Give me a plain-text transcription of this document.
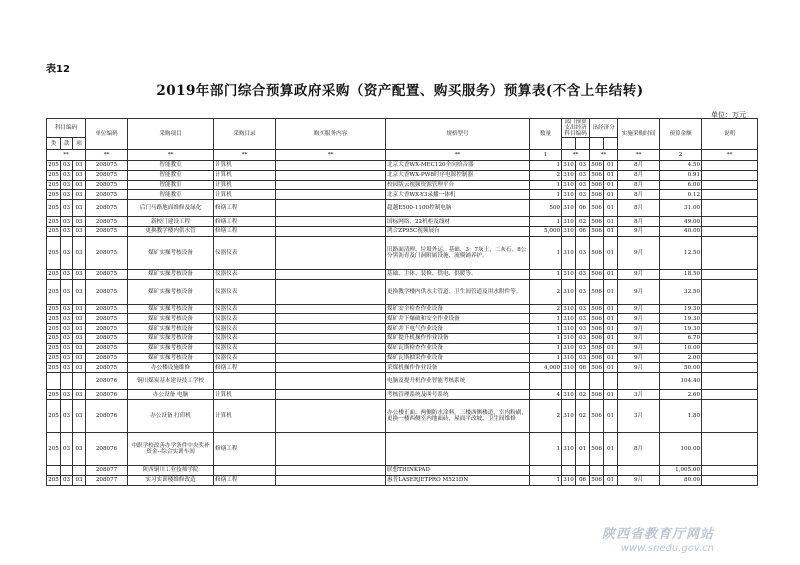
表12
2019年部门综合预算政府采购（资产配置、购买服务）预算表(不含上年结转)
单位：万元
科目编码			单位编码	采购项目	采购目录	购买服务内容	规格型号	数量	部门预算支出经济科目编码		出经济分		实施采购时间	预算金额	说明
类	款	项													
**			**	**	**	**	**	1	**		**		**	2	**
205	03	03	208075	智能教室	计算机		北京大香WX-MEC120全向拾音器	1	310	03	506	01	8月	4.50	
205	03	03	208075	智能教室	计算机		北京大香WX-PW8时序电源控制器	2	310	03	506	01	8月	0.91	
205	03	03	208075	智能教室	计算机		校园版云视频资源管理平台	1	310	03	506	01	8月	6.00	
205	03	03	208075	智能教室	计算机		北京大香WX-Y3录播一体机	1	310	03	506	01	8月	0.12	
205	03	03	208075	后门马路地面维修及绿化	修缮工程		超越E500-1100控制电脑	500	310	06	506	01	8月	31.00	
205	03	03	208075	新校门建设工程	修缮工程		国标网络、22机柜及线材	1	310	02	506	01	8月	49.00	
205	03	03	208075	更换教学楼内供水管	修缮工程		鸿合ZP95C视频展台	5,000	310	06	506	01	9月	40.00	
205	03	03	208075	煤矿实操考核设备	仪器仪表		旧路面清理、垃圾外运，基础、3：7灰土，二灰石、8公分黑沥青及门洞附属设施、流模铺养护。	1	310	03	506	01	9月	12.50	
205	03	03	208075	煤矿实操考核设备	仪器仪表		基础、主体、装修、供电、供暖等。	1	310	03	506	01	9月	18.50	
205	03	03	208075	煤矿实操考核设备	仪器仪表		更换教学楼内供水主管道、卫生间管道及用水附件等。	2	310	03	506	01	9月	32.50	
205	03	03	208075	煤矿实操考核设备	仪器仪表		煤矿安全检查作业设备	2	310	03	506	01	9月	19.30	
205	03	03	208075	煤矿实操考核设备	仪器仪表		煤矿井下爆破和安全作业设备	1	310	03	506	01	9月	19.30	
205	03	03	208075	煤矿实操考核设备	仪器仪表		煤矿井下电气作业设备	1	310	03	506	01	9月	19.30	
205	03	03	208075	煤矿实操考核设备	仪器仪表		煤矿提升机操作作业设备	1	310	03	506	01	9月	6.70	
205	03	03	208075	煤矿实操考核设备	仪器仪表		煤矿瓦斯检查作业设备	1	310	03	506	01	9月	10.00	
205	03	03	208075	煤矿实操考核设备	仪器仪表		煤矿瓦斯抽采作业设备	1	310	03	506	01	9月	2.00	
205	03	03	208075	办公楼设施维修	修缮工程		采煤机操作作业设备	4,000	310	06	506	01	9月	50.00	
			208076	铜川煤炭基本建设技工学校			电脑及提升机作业智能考核系统							104.40	
205	03	03	208076	办公设备 电脑	计算机		考核管理系统及叫号系统	4	310	02	506	01	3月	2.60	
205	03	03	208076	办公设备 打印机	计算机		办公楼正面、两侧防水涂料，三楼西侧楼道，室内粉刷，更换一楼西侧室内地面砖，屋面平改坡、卫生间维修	2	310	02	506	01	3月	1.80	
205	03	03	208076	中职学校改善办学条件中央奖补资金--综合实训车间	修缮工程			1	310	01	506	01	8月	100.00	
			208077	陕西铜川工业技师学院			联想THINKPAD							1,005.00	
205	03	03	208077	实习实训楼维修改造	修缮工程		惠普LASERJETPRO M521DN	1	310	06	506	01	9月	80.00	
陕西省教育厅网站
www.snedu.gov.cn
